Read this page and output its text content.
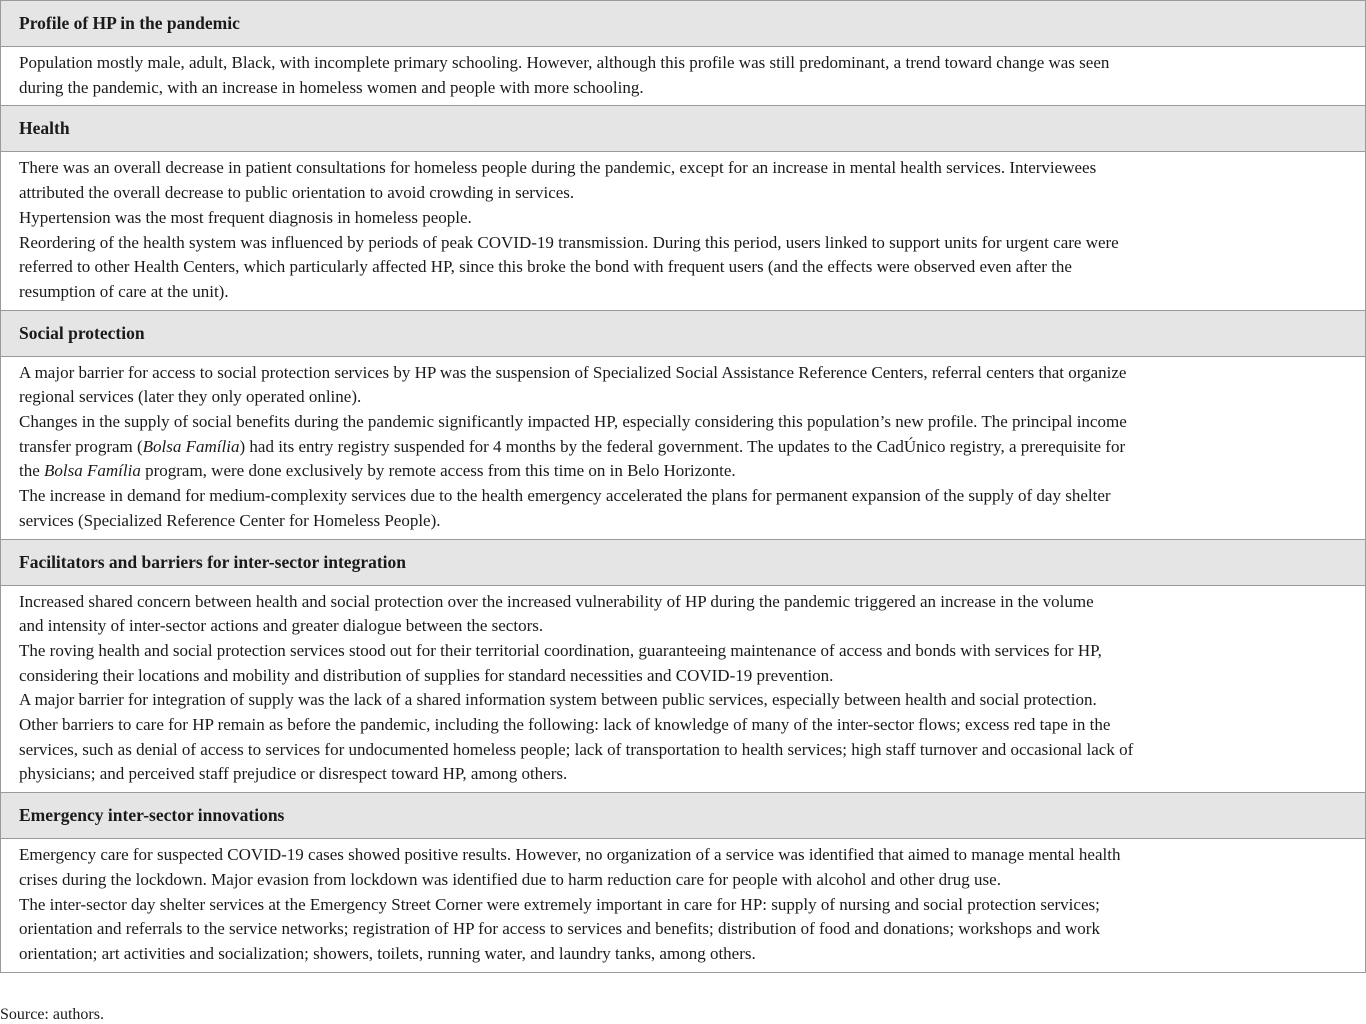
Profile of HP in the pandemic

Population mostly male, adult, Black, with incomplete primary schooling. However, although this profile was still predominant, a trend toward change was seen
during the pandemic, with an increase in homeless women and people with more schooling.

Health

There was an overall decrease in patient consultations for homeless people during the pandemic, except for an increase in mental health services. Interviewees
attributed the overall decrease to public orientation to avoid crowding in services.
Hypertension was the most frequent diagnosis in homeless people.
Reordering of the health system was influenced by periods of peak COVID-19 transmission. During this period, users linked to support units for urgent care were
referred to other Health Centers, which particularly affected HP, since this broke the bond with frequent users (and the effects were observed even after the
resumption of care at the unit).

Social protection

A major barrier for access to social protection services by HP was the suspension of Specialized Social Assistance Reference Centers, referral centers that organize
regional services (later they only operated online).
Changes in the supply of social benefits during the pandemic significantly impacted HP, especially considering this population’s new profile. The principal income
transfer program (Bolsa Família) had its entry registry suspended for 4 months by the federal government. The updates to the CadÚnico registry, a prerequisite for
the Bolsa Família program, were done exclusively by remote access from this time on in Belo Horizonte.
The increase in demand for medium-complexity services due to the health emergency accelerated the plans for permanent expansion of the supply of day shelter
services (Specialized Reference Center for Homeless People).

Facilitators and barriers for inter-sector integration

Increased shared concern between health and social protection over the increased vulnerability of HP during the pandemic triggered an increase in the volume
and intensity of inter-sector actions and greater dialogue between the sectors.
The roving health and social protection services stood out for their territorial coordination, guaranteeing maintenance of access and bonds with services for HP,
considering their locations and mobility and distribution of supplies for standard necessities and COVID-19 prevention.
A major barrier for integration of supply was the lack of a shared information system between public services, especially between health and social protection.
Other barriers to care for HP remain as before the pandemic, including the following: lack of knowledge of many of the inter-sector flows; excess red tape in the
services, such as denial of access to services for undocumented homeless people; lack of transportation to health services; high staff turnover and occasional lack of
physicians; and perceived staff prejudice or disrespect toward HP, among others.

Emergency inter-sector innovations

Emergency care for suspected COVID-19 cases showed positive results. However, no organization of a service was identified that aimed to manage mental health
crises during the lockdown. Major evasion from lockdown was identified due to harm reduction care for people with alcohol and other drug use.
The inter-sector day shelter services at the Emergency Street Corner were extremely important in care for HP: supply of nursing and social protection services;
orientation and referrals to the service networks; registration of HP for access to services and benefits; distribution of food and donations; workshops and work
orientation; art activities and socialization; showers, toilets, running water, and laundry tanks, among others.

Source: authors.
